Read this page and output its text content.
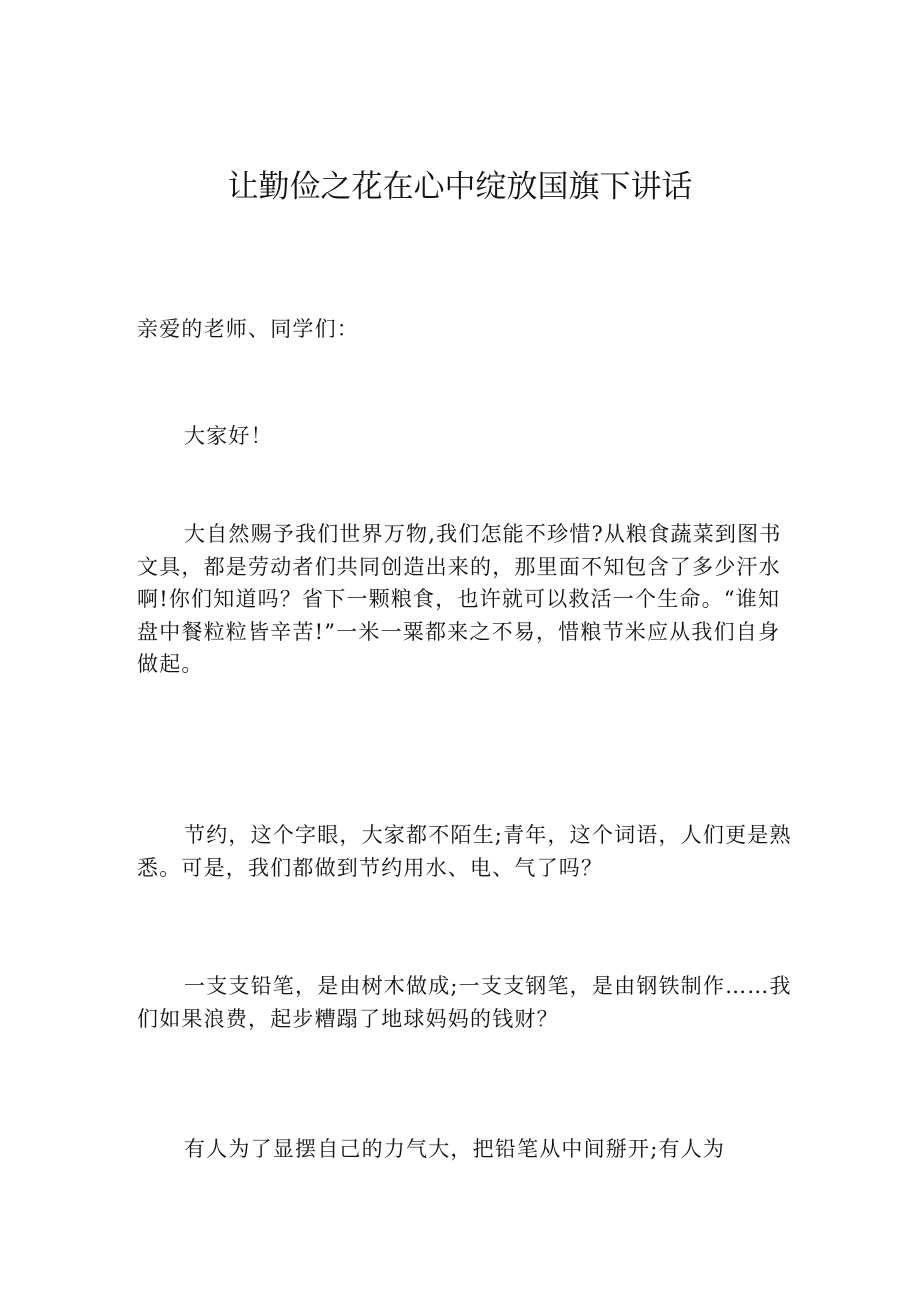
让勤俭之花在心中绽放国旗下讲话

亲爱的老师、同学们：

大家好！

大自然赐予我们世界万物,我们怎能不珍惜?从粮食蔬菜到图书文具，都是劳动者们共同创造出来的，那里面不知包含了多少汗水啊!你们知道吗？省下一颗粮食，也许就可以救活一个生命。“谁知盘中餐粒粒皆辛苦!”一米一粟都来之不易，惜粮节米应从我们自身做起。

节约，这个字眼，大家都不陌生;青年，这个词语，人们更是熟悉。可是，我们都做到节约用水、电、气了吗？

一支支铅笔，是由树木做成;一支支钢笔，是由钢铁制作……我们如果浪费，起步糟蹋了地球妈妈的钱财？

有人为了显摆自己的力气大，把铅笔从中间掰开;有人为
